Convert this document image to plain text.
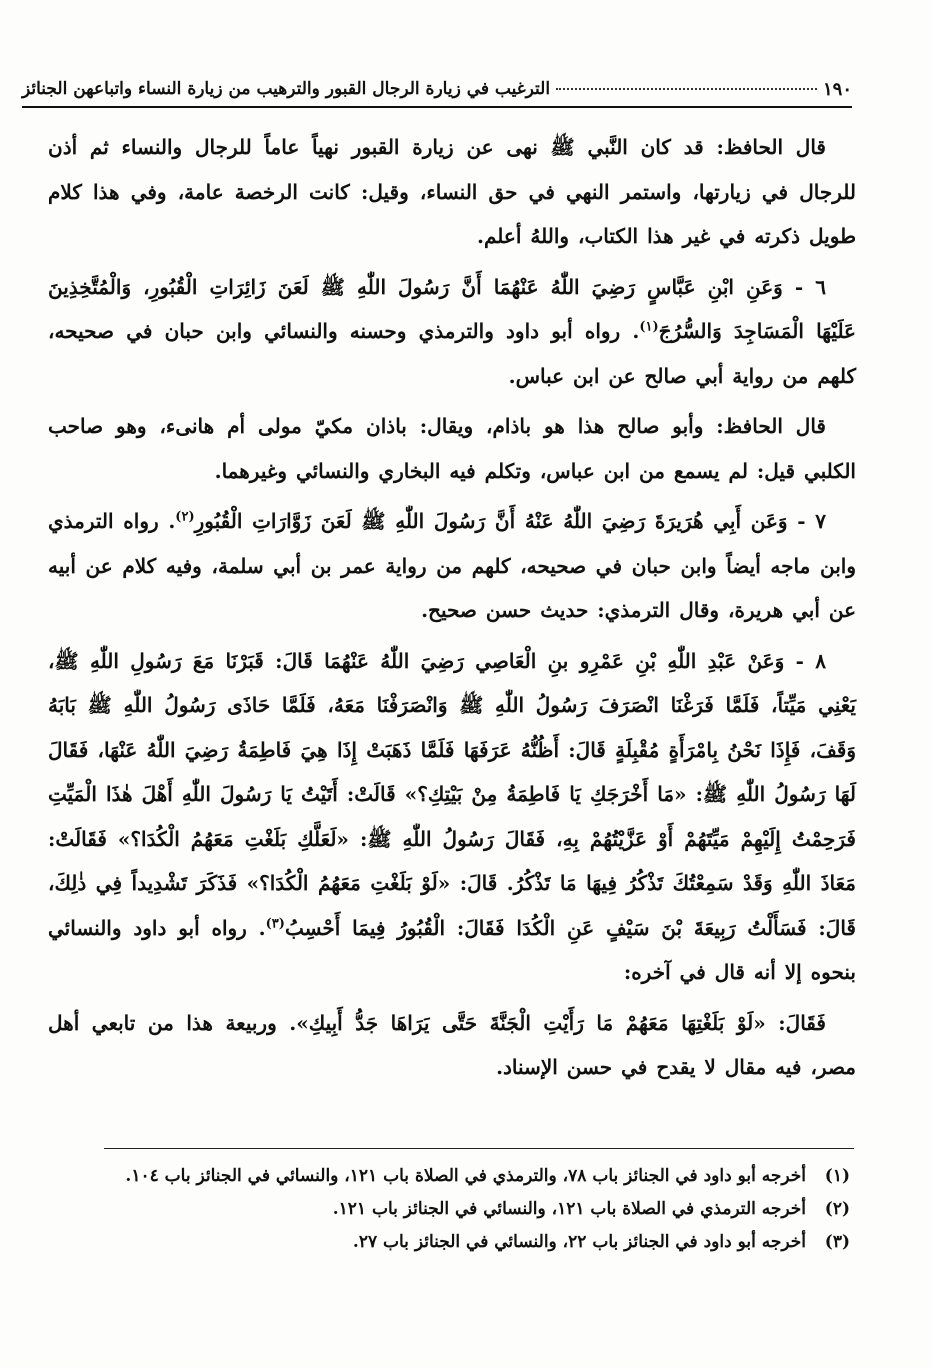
١٩٠
الترغيب في زيارة الرجال القبور والترهيب من زيارة النساء واتباعهن الجنائز

قال الحافظ: قد كان النَّبي ﷺ نهى عن زيارة القبور نهياً عاماً للرجال والنساء ثم أذن للرجال في زيارتها، واستمر النهي في حق النساء، وقيل: كانت الرخصة عامة، وفي هذا كلام طويل ذكرته في غير هذا الكتاب، واللهُ أعلم.

٦ - وَعَنِ ابْنِ عَبَّاسٍ رَضِيَ اللّٰهُ عَنْهُمَا أَنَّ رَسُولَ اللّٰهِ ﷺ لَعَنَ زَائِرَاتِ الْقُبُورِ، وَالْمُتَّخِذِينَ عَلَيْهَا الْمَسَاجِدَ وَالسُّرُجَ$^{(١)}$. رواه أبو داود والترمذي وحسنه والنسائي وابن حبان في صحيحه، كلهم من رواية أبي صالح عن ابن عباس.

قال الحافظ: وأبو صالح هذا هو باذام، ويقال: باذان مكيّ مولى أم هانىء، وهو صاحب الكلبي قيل: لم يسمع من ابن عباس، وتكلم فيه البخاري والنسائي وغيرهما.

٧ - وَعَن أَبِي هُرَيرَةَ رَضِيَ اللّٰهُ عَنْهُ أَنَّ رَسُولَ اللّٰهِ ﷺ لَعَنَ زَوَّارَاتِ الْقُبُورِ$^{(٢)}$. رواه الترمذي وابن ماجه أيضاً وابن حبان في صحيحه، كلهم من رواية عمر بن أبي سلمة، وفيه كلام عن أبيه عن أبي هريرة، وقال الترمذي: حديث حسن صحيح.

٨ - وَعَنْ عَبْدِ اللّٰهِ بْنِ عَمْرِو بنِ الْعَاصِي رَضِيَ اللّٰهُ عَنْهُمَا قَالَ: قَبَرْنَا مَعَ رَسُولِ اللّٰهِ ﷺ، يَعْنِي مَيِّتاً، فَلَمَّا فَرَغْنَا انْصَرَفَ رَسُولُ اللّٰهِ ﷺ وَانْصَرَفْنَا مَعَهُ، فَلَمَّا حَاذَى رَسُولُ اللّٰهِ ﷺ بَابَهُ وَقَفَ، فَإِذَا نَحْنُ بِامْرَأَةٍ مُقْبِلَةٍ قَالَ: أَظُنُّهُ عَرَفَهَا فَلَمَّا ذَهَبَتْ إِذَا هِيَ فَاطِمَةُ رَضِيَ اللّٰهُ عَنْهَا، فَقَالَ لَهَا رَسُولُ اللّٰهِ ﷺ: «مَا أَخْرَجَكِ يَا فَاطِمَةُ مِنْ بَيْتِكِ؟» قَالَتْ: أَتَيْتُ يَا رَسُولَ اللّٰهِ أَهْلَ هٰذَا الْمَيِّتِ فَرَحِمْتُ إِلَيْهِمْ مَيِّتَهُمْ أَوْ عَزَّيْتُهُمْ بِهِ، فَقَالَ رَسُولُ اللّٰهِ ﷺ: «لَعَلَّكِ بَلَغْتِ مَعَهُمُ الْكُدَا؟» فَقَالَتْ: مَعَاذَ اللّٰهِ وَقَدْ سَمِعْتُكَ تَذْكُرُ فِيهَا مَا تَذْكُرُ. قَالَ: «لَوْ بَلَغْتِ مَعَهُمُ الْكُدَا؟» فَذَكَرَ تَشْدِيداً فِي ذٰلِكَ، قَالَ: فَسَأَلْتُ رَبِيعَةَ بْنَ سَيْفٍ عَنِ الْكُدَا فَقَالَ: الْقُبُورُ فِيمَا أَحْسِبُ$^{(٣)}$. رواه أبو داود والنسائي بنحوه إلا أنه قال في آخره:

فَقَالَ: «لَوْ بَلَغْتِهَا مَعَهُمْ مَا رَأَيْتِ الْجَنَّةَ حَتَّى يَرَاهَا جَدُّ أَبِيكِ». وربيعة هذا من تابعي أهل مصر، فيه مقال لا يقدح في حسن الإسناد.

(١)
أخرجه أبو داود في الجنائز باب ٧٨، والترمذي في الصلاة باب ١٢١، والنسائي في الجنائز باب ١٠٤.
(٢)
أخرجه الترمذي في الصلاة باب ١٢١، والنسائي في الجنائز باب ١٢١.
(٣)
أخرجه أبو داود في الجنائز باب ٢٢، والنسائي في الجنائز باب ٢٧.
